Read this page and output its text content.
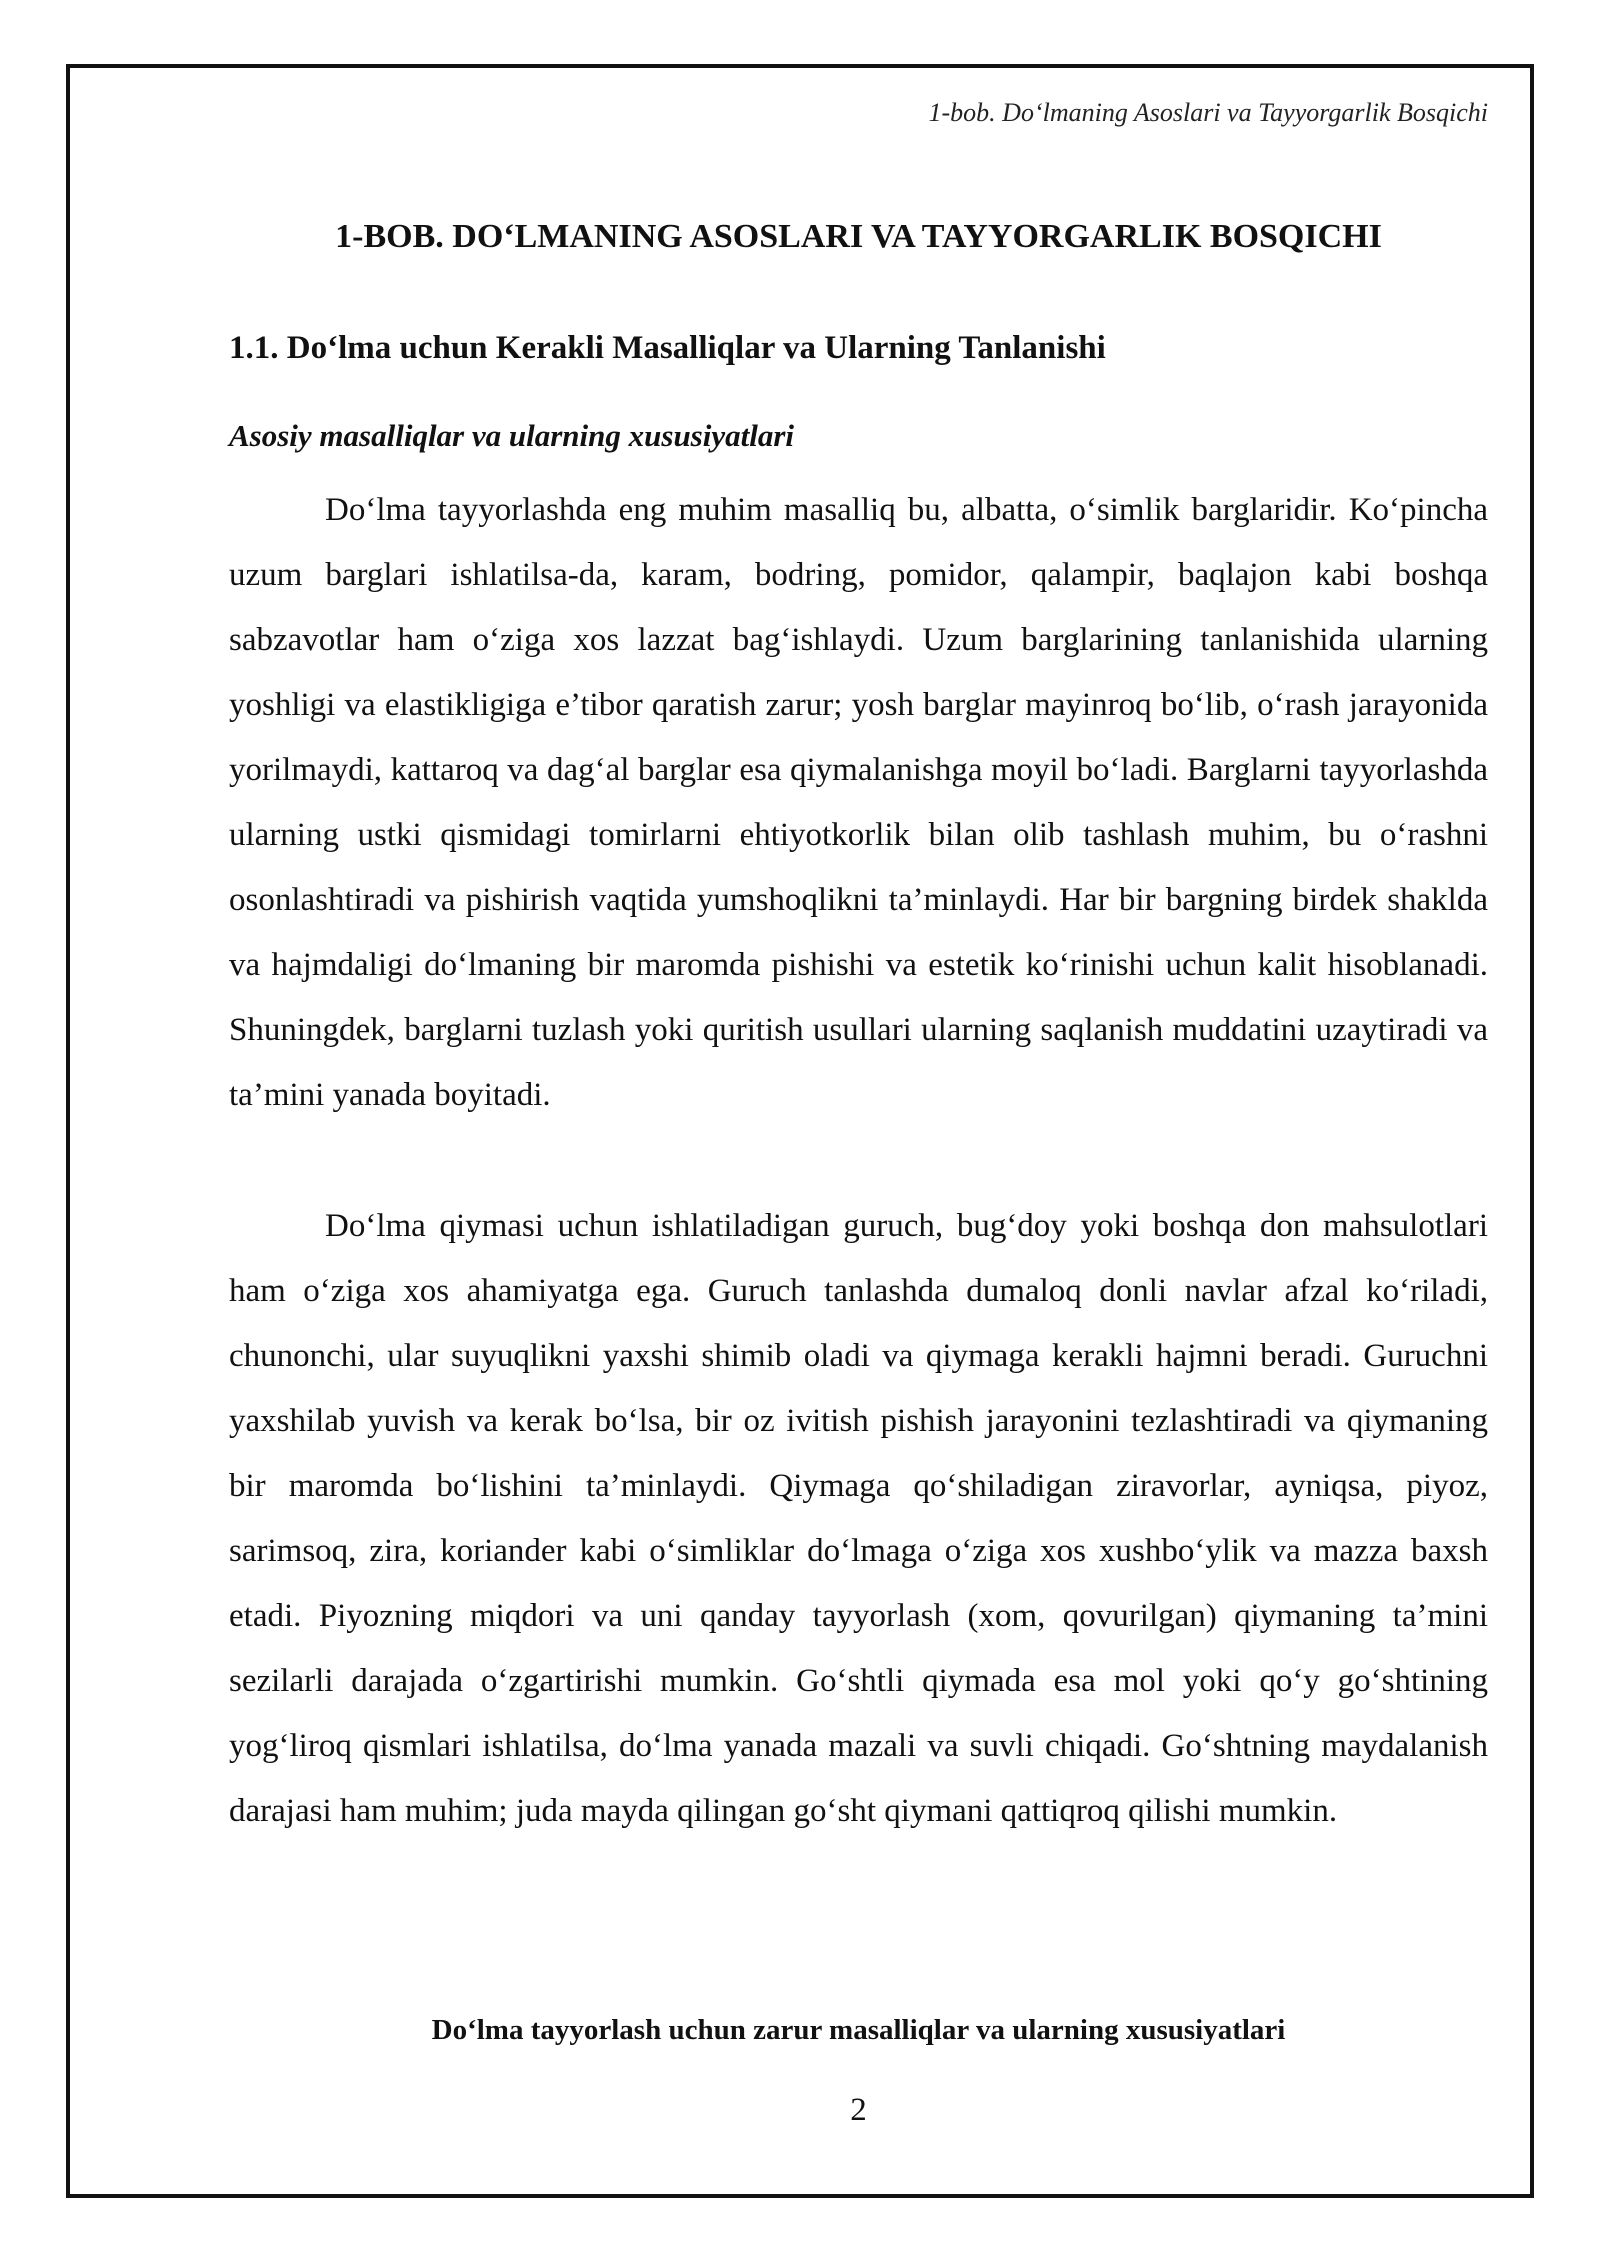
1-bob. Do‘lmaning Asoslari va Tayyorgarlik Bosqichi
1-BOB. DO‘LMANING ASOSLARI VA TAYYORGARLIK BOSQICHI
1.1. Do‘lma uchun Kerakli Masalliqlar va Ularning Tanlanishi
Asosiy masalliqlar va ularning xususiyatlari

Do‘lma tayyorlashda eng muhim masalliq bu, albatta, o‘simlik barglaridir. Ko‘pincha uzum barglari ishlatilsa-da, karam, bodring, pomidor, qalampir, baqlajon kabi boshqa sabzavotlar ham o‘ziga xos lazzat bag‘ishlaydi. Uzum barglarining tanlanishida ularning yoshligi va elastikligiga e’tibor qaratish zarur; yosh barglar mayinroq bo‘lib, o‘rash jarayonida yorilmaydi, kattaroq va dag‘al barglar esa qiymalanishga moyil bo‘ladi. Barglarni tayyorlashda ularning ustki qismidagi tomirlarni ehtiyotkorlik bilan olib tashlash muhim, bu o‘rashni osonlashtiradi va pishirish vaqtida yumshoqlikni ta’minlaydi. Har bir bargning birdek shaklda va hajmdaligi do‘lmaning bir maromda pishishi va estetik ko‘rinishi uchun kalit hisoblanadi. Shuningdek, barglarni tuzlash yoki quritish usullari ularning saqlanish muddatini uzaytiradi va ta’mini yanada boyitadi.

Do‘lma qiymasi uchun ishlatiladigan guruch, bug‘doy yoki boshqa don mahsulotlari ham o‘ziga xos ahamiyatga ega. Guruch tanlashda dumaloq donli navlar afzal ko‘riladi, chunonchi, ular suyuqlikni yaxshi shimib oladi va qiymaga kerakli hajmni beradi. Guruchni yaxshilab yuvish va kerak bo‘lsa, bir oz ivitish pishish jarayonini tezlashtiradi va qiymaning bir maromda bo‘lishini ta’minlaydi. Qiymaga qo‘shiladigan ziravorlar, ayniqsa, piyoz, sarimsoq, zira, koriander kabi o‘simliklar do‘lmaga o‘ziga xos xushbo‘ylik va mazza baxsh etadi. Piyozning miqdori va uni qanday tayyorlash (xom, qovurilgan) qiymaning ta’mini sezilarli darajada o‘zgartirishi mumkin. Go‘shtli qiymada esa mol yoki qo‘y go‘shtining yog‘liroq qismlari ishlatilsa, do‘lma yanada mazali va suvli chiqadi. Go‘shtning maydalanish darajasi ham muhim; juda mayda qilingan go‘sht qiymani qattiqroq qilishi mumkin.

Do‘lma tayyorlash uchun zarur masalliqlar va ularning xususiyatlari
2
